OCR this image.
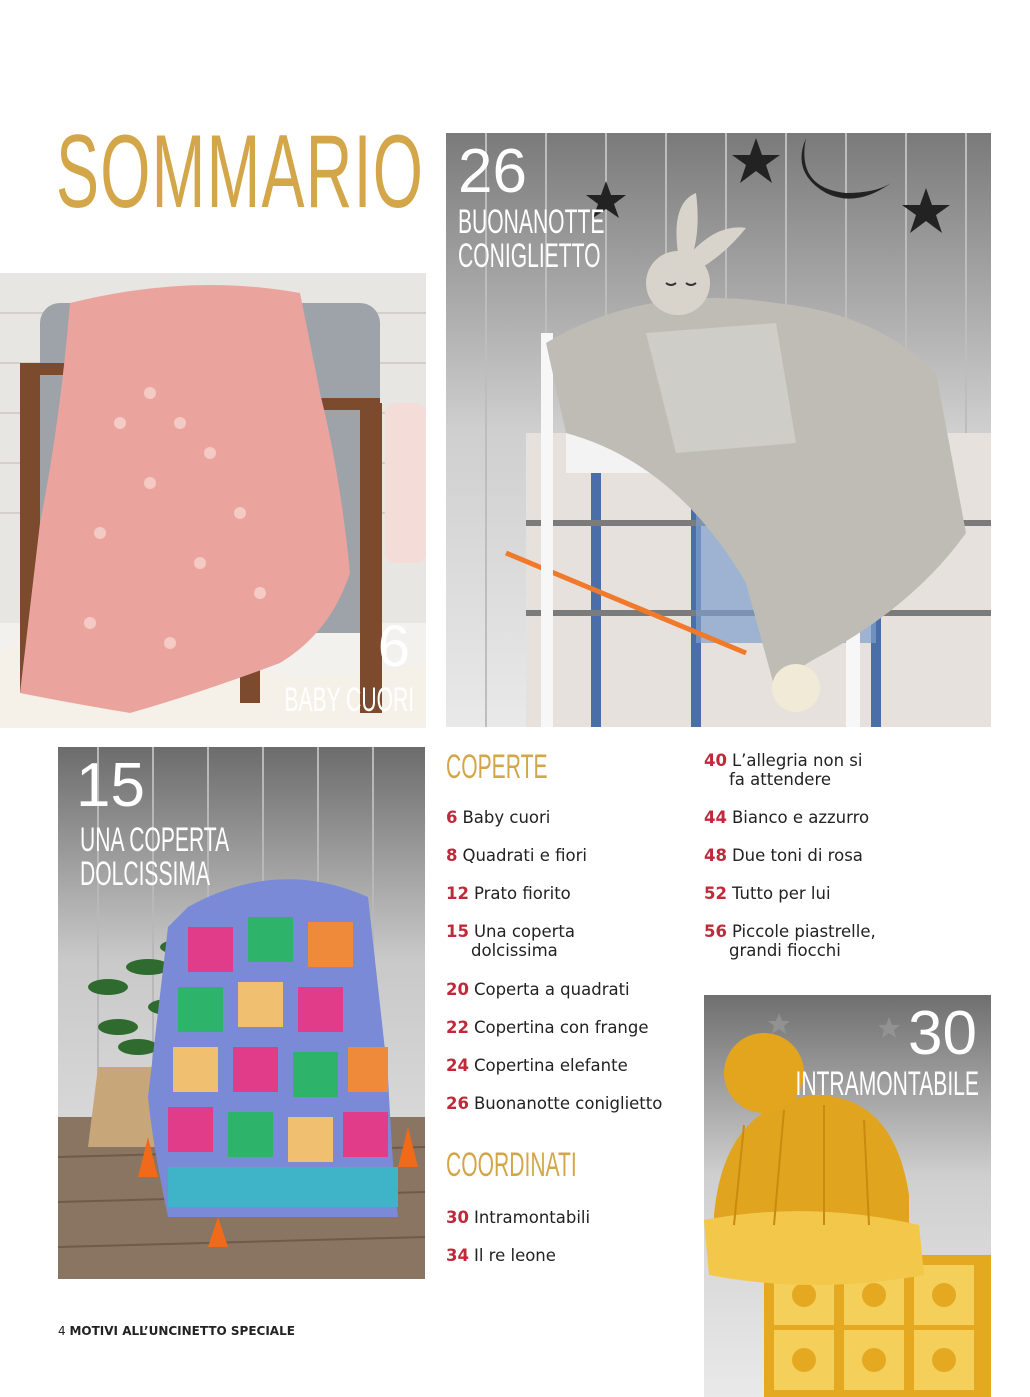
SOMMARIO 26
BUONANOTTE
CONIGLIETTO
6
BABY CUORI
15
UNA COPERTA
DOLCISSIMA
30
INTRAMONTABILE
COPERTE
6 Baby cuori
8 Quadrati e fiori
12 Prato fiorito
15 Una coperta
dolcissima
20 Coperta a quadrati
22 Copertina con frange
24 Copertina elefante
26 Buonanotte coniglietto
COORDINATI
30 Intramontabili
34 Il re leone
40 L’allegria non si
fa attendere
44 Bianco e azzurro
48 Due toni di rosa
52 Tutto per lui
56 Piccole piastrelle,
grandi fiocchi
4 MOTIVI ALL’UNCINETTO SPECIALE
